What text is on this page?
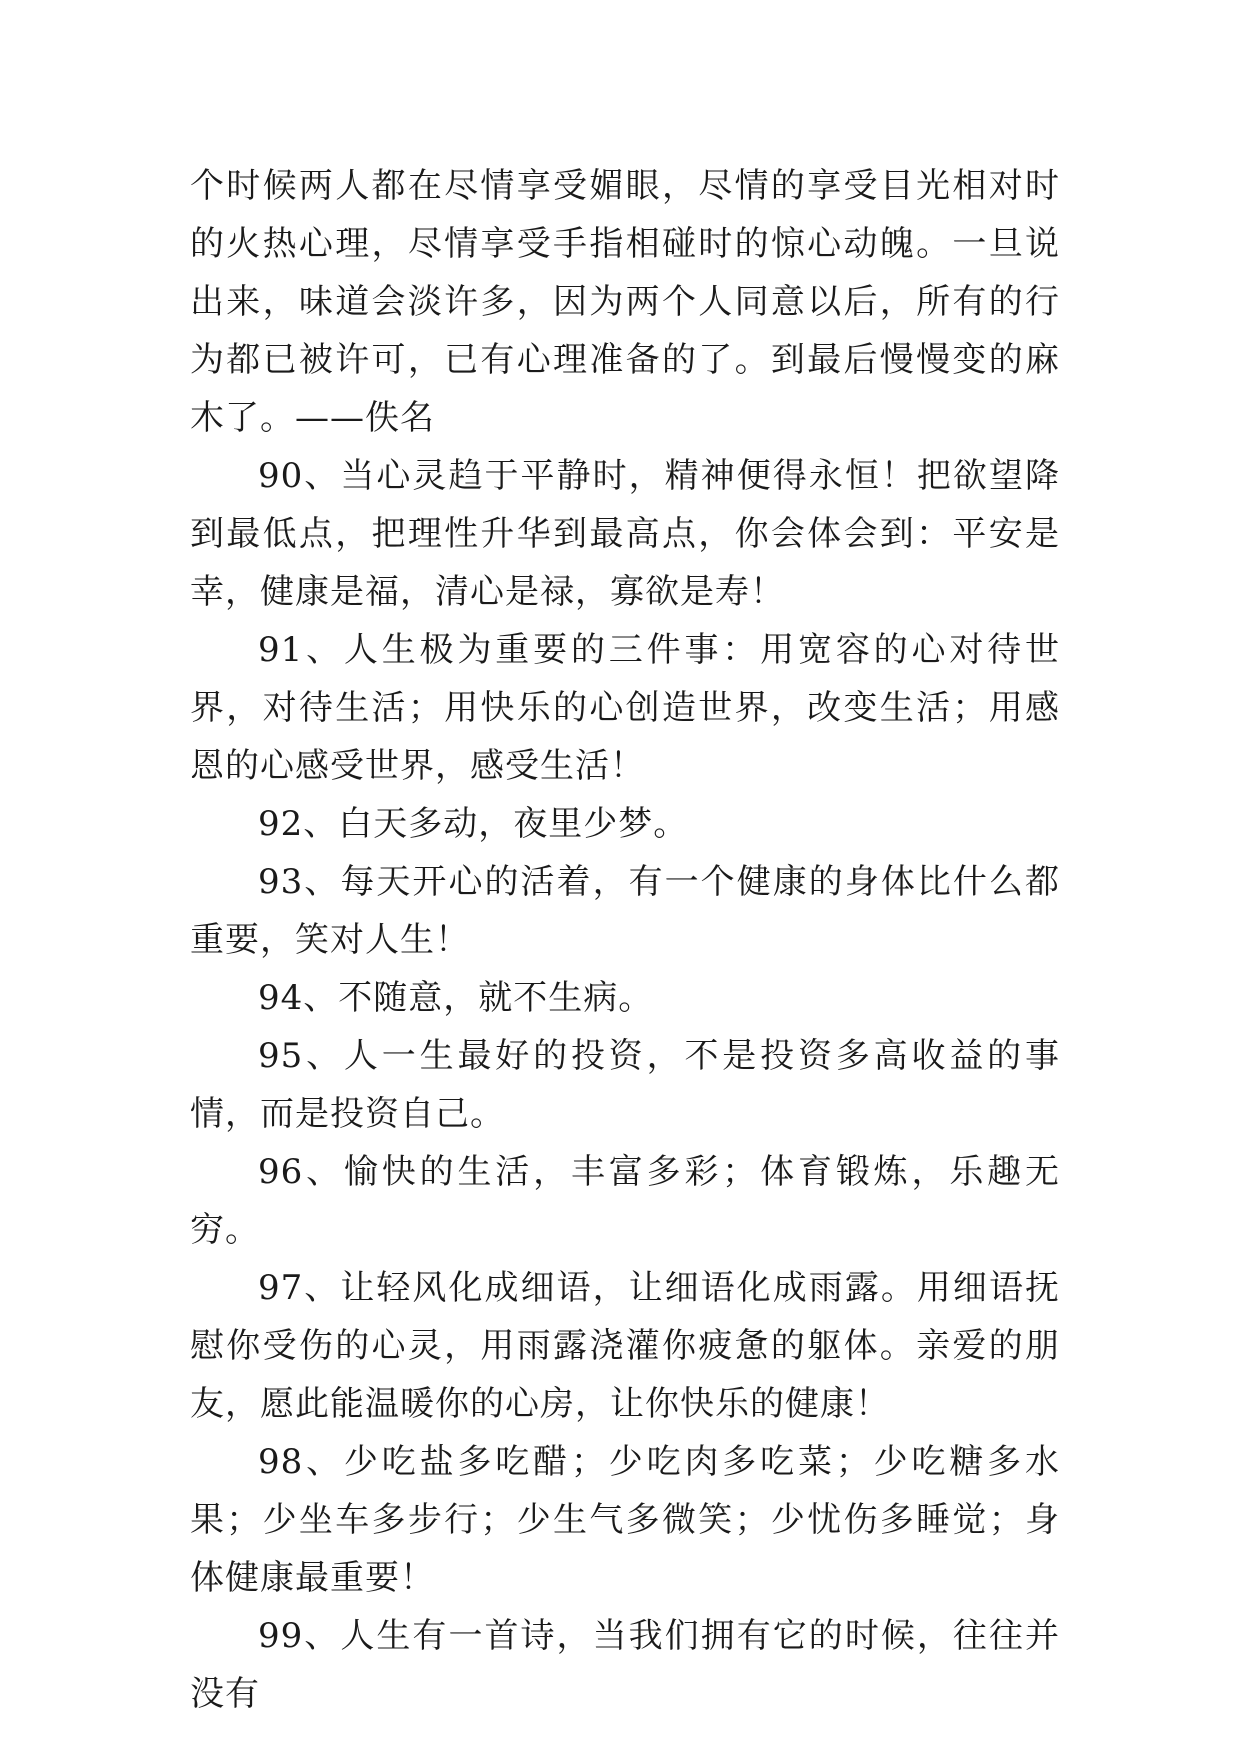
个时候两人都在尽情享受媚眼，尽情的享受目光相对时的火热心理，尽情享受手指相碰时的惊心动魄。一旦说出来，味道会淡许多，因为两个人同意以后，所有的行为都已被许可，已有心理准备的了。到最后慢慢变的麻木了。——佚名

90、当心灵趋于平静时，精神便得永恒！把欲望降到最低点，把理性升华到最高点，你会体会到：平安是幸，健康是福，清心是禄，寡欲是寿！

91、人生极为重要的三件事：用宽容的心对待世界，对待生活；用快乐的心创造世界，改变生活；用感恩的心感受世界，感受生活！

92、白天多动，夜里少梦。

93、每天开心的活着，有一个健康的身体比什么都重要，笑对人生！

94、不随意，就不生病。

95、人一生最好的投资，不是投资多高收益的事情，而是投资自己。

96、愉快的生活，丰富多彩；体育锻炼，乐趣无穷。

97、让轻风化成细语，让细语化成雨露。用细语抚慰你受伤的心灵，用雨露浇灌你疲惫的躯体。亲爱的朋友，愿此能温暖你的心房，让你快乐的健康！

98、少吃盐多吃醋；少吃肉多吃菜；少吃糖多水果；少坐车多步行；少生气多微笑；少忧伤多睡觉；身体健康最重要！

99、人生有一首诗，当我们拥有它的时候，往往并没有
